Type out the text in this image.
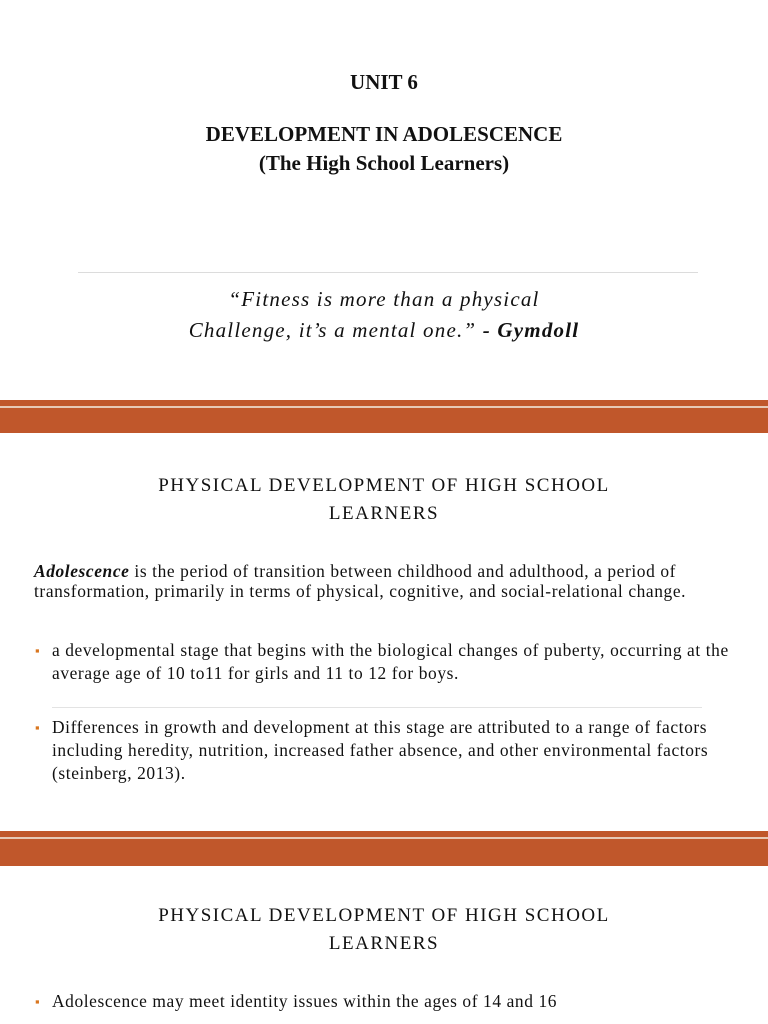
UNIT 6
DEVELOPMENT IN ADOLESCENCE
(The High School Learners)
“Fitness is more than a physical
Challenge, it’s a mental one.” - Gymdoll
PHYSICAL DEVELOPMENT OF HIGH SCHOOL
LEARNERS
Adolescence is the period of transition between childhood and adulthood, a period of transformation, primarily in terms of physical, cognitive, and social-relational change.
▪ a developmental stage that begins with the biological changes of puberty, occurring at the average age of 10 to11 for girls and 11 to 12 for boys.
▪ Differences in growth and development at this stage are attributed to a range of factors including heredity, nutrition, increased father absence, and other environmental factors (steinberg, 2013).
PHYSICAL DEVELOPMENT OF HIGH SCHOOL
LEARNERS
▪ Adolescence may meet identity issues within the ages of 14 and 16
